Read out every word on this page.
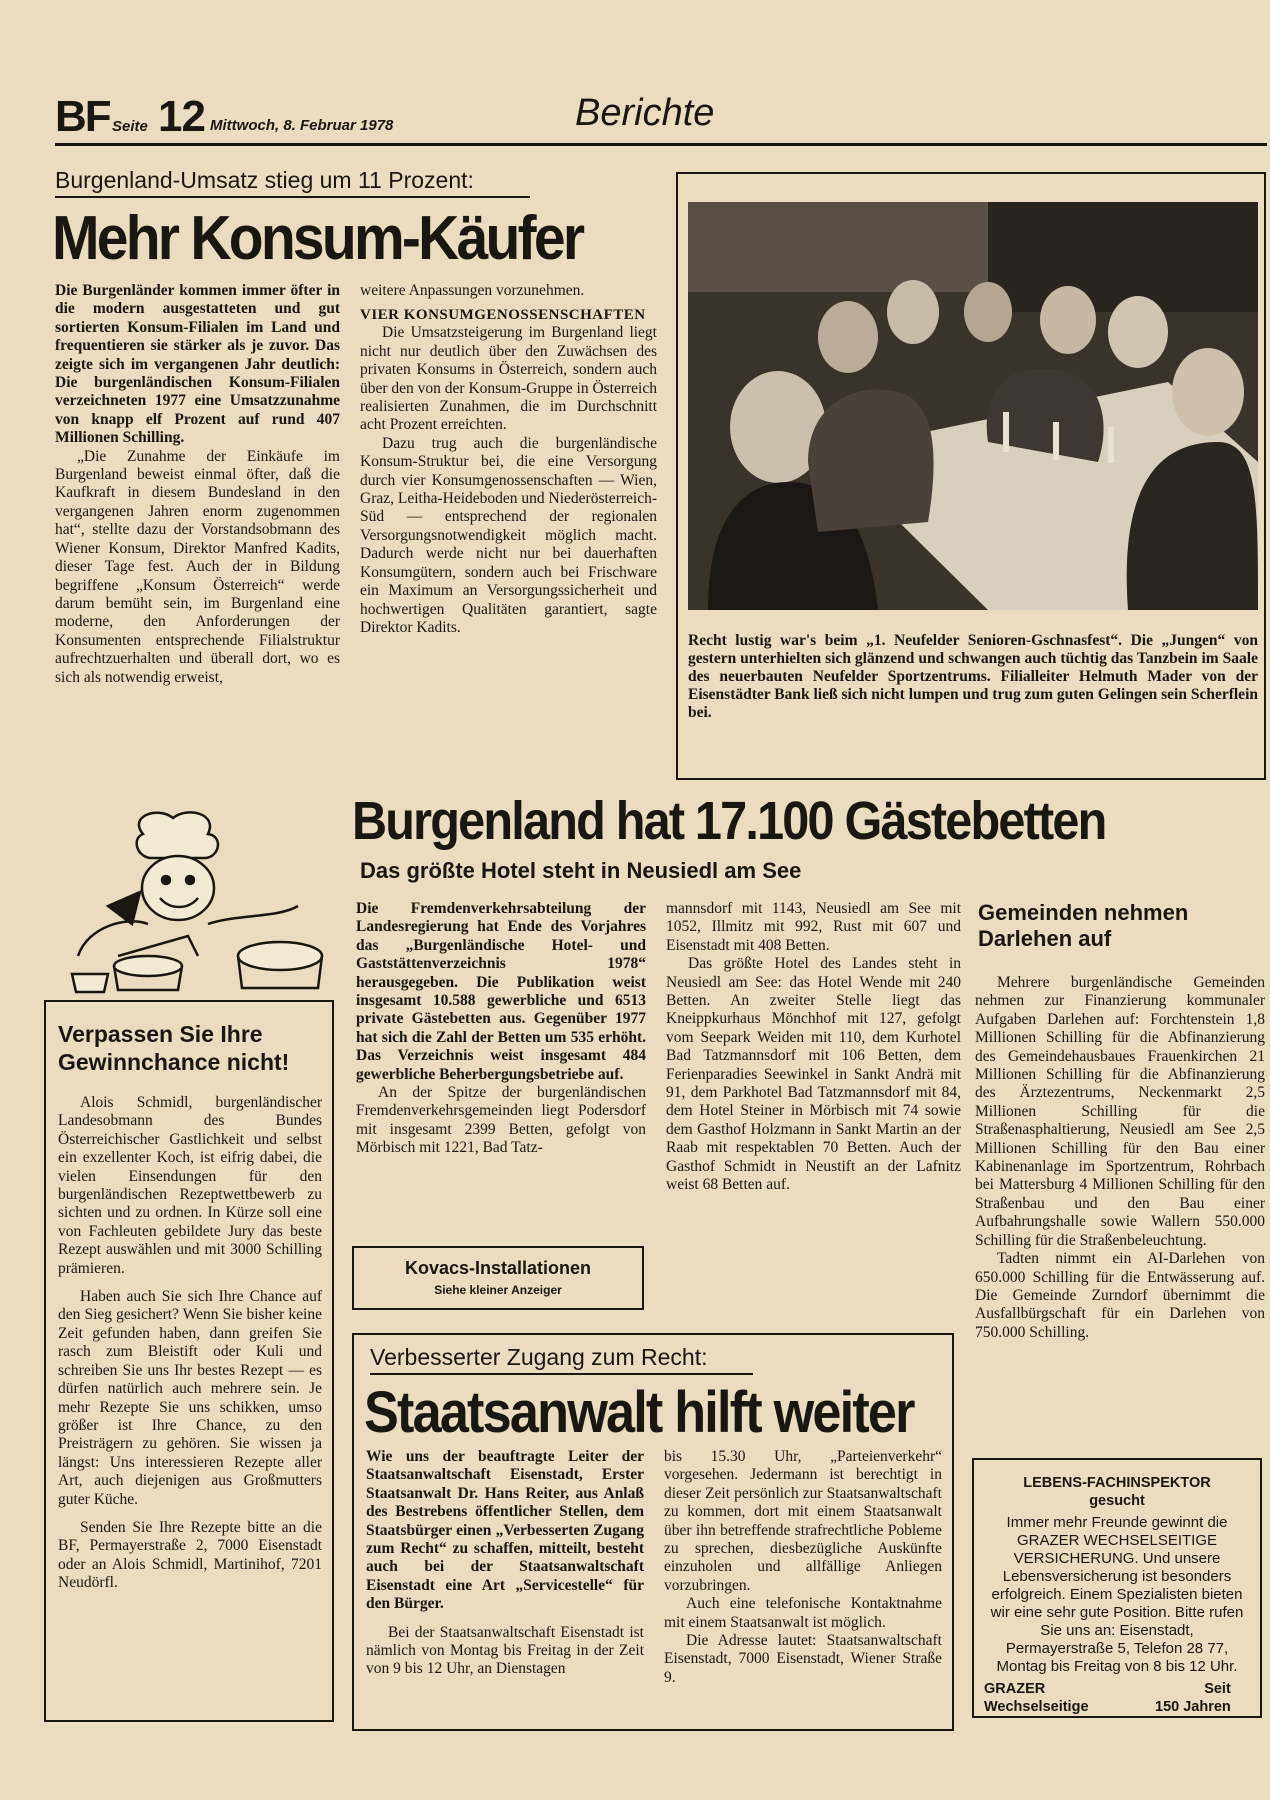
BF Seite 12 Mittwoch, 8. Februar 1978	Berichte
Burgenland-Umsatz stieg um 11 Prozent:
Mehr Konsum-Käufer

Die Burgenländer kommen immer öfter in die modern ausgestatteten und gut sortierten Konsum-Filialen im Land und frequentieren sie stärker als je zuvor. Das zeigte sich im vergangenen Jahr deutlich: Die burgenländischen Konsum-Filialen verzeichneten 1977 eine Umsatzzunahme von knapp elf Prozent auf rund 407 Millionen Schilling.

„Die Zunahme der Einkäufe im Burgenland beweist einmal öfter, daß die Kaufkraft in diesem Bundesland in den vergangenen Jahren enorm zugenommen hat“, stellte dazu der Vorstandsobmann des Wiener Konsum, Direktor Manfred Kadits, dieser Tage fest. Auch der in Bildung begriffene „Konsum Österreich“ werde darum bemüht sein, im Burgenland eine moderne, den Anforderungen der Konsumenten entsprechende Filialstruktur aufrechtzuerhalten und überall dort, wo es sich als notwendig erweist,

weitere Anpassungen vorzunehmen.

VIER KONSUMGENOSSENSCHAFTEN

Die Umsatzsteigerung im Burgenland liegt nicht nur deutlich über den Zuwächsen des privaten Konsums in Österreich, sondern auch über den von der Konsum-Gruppe in Österreich realisierten Zunahmen, die im Durchschnitt acht Prozent erreichten.

Dazu trug auch die burgenländische Konsum-Struktur bei, die eine Versorgung durch vier Konsumgenossenschaften — Wien, Graz, Leitha-Heideboden und Niederösterreich-Süd — entsprechend der regionalen Versorgungsnotwendigkeit möglich macht. Dadurch werde nicht nur bei dauerhaften Konsumgütern, sondern auch bei Frischware ein Maximum an Versorgungssicherheit und hochwertigen Qualitäten garantiert, sagte Direktor Kadits.

Recht lustig war's beim „1. Neufelder Senioren-Gschnasfest“. Die „Jungen“ von gestern unterhielten sich glänzend und schwangen auch tüchtig das Tanzbein im Saale des neuerbauten Neufelder Sportzentrums. Filialleiter Helmuth Mader von der Eisenstädter Bank ließ sich nicht lumpen und trug zum guten Gelingen sein Scherflein bei.
Burgenland hat 17.100 Gästebetten
Das größte Hotel steht in Neusiedl am See

Die Fremdenverkehrsabteilung der Landesregierung hat Ende des Vorjahres das „Burgenländische Hotel- und Gaststättenverzeichnis 1978“ herausgegeben. Die Publikation weist insgesamt 10.588 gewerbliche und 6513 private Gästebetten aus. Gegenüber 1977 hat sich die Zahl der Betten um 535 erhöht. Das Verzeichnis weist insgesamt 484 gewerbliche Beherbergungsbetriebe auf.

An der Spitze der burgenländischen Fremdenverkehrsgemeinden liegt Podersdorf mit insgesamt 2399 Betten, gefolgt von Mörbisch mit 1221, Bad Tatz-

mannsdorf mit 1143, Neusiedl am See mit 1052, Illmitz mit 992, Rust mit 607 und Eisenstadt mit 408 Betten.

Das größte Hotel des Landes steht in Neusiedl am See: das Hotel Wende mit 240 Betten. An zweiter Stelle liegt das Kneippkurhaus Mönchhof mit 127, gefolgt vom Seepark Weiden mit 110, dem Kurhotel Bad Tatzmannsdorf mit 106 Betten, dem Ferienparadies Seewinkel in Sankt Andrä mit 91, dem Parkhotel Bad Tatzmannsdorf mit 84, dem Hotel Steiner in Mörbisch mit 74 sowie dem Gasthof Holzmann in Sankt Martin an der Raab mit respektablen 70 Betten. Auch der Gasthof Schmidt in Neustift an der Lafnitz weist 68 Betten auf.

Kovacs-Installationen
Siehe kleiner Anzeiger
Verpassen Sie Ihre Gewinnchance nicht!

Alois Schmidl, burgenländischer Landesobmann des Bundes Österreichischer Gastlichkeit und selbst ein exzellenter Koch, ist eifrig dabei, die vielen Einsendungen für den burgenländischen Rezeptwettbewerb zu sichten und zu ordnen. In Kürze soll eine von Fachleuten gebildete Jury das beste Rezept auswählen und mit 3000 Schilling prämieren.

Haben auch Sie sich Ihre Chance auf den Sieg gesichert? Wenn Sie bisher keine Zeit gefunden haben, dann greifen Sie rasch zum Bleistift oder Kuli und schreiben Sie uns Ihr bestes Rezept — es dürfen natürlich auch mehrere sein. Je mehr Rezepte Sie uns schikken, umso größer ist Ihre Chance, zu den Preisträgern zu gehören. Sie wissen ja längst: Uns interessieren Rezepte aller Art, auch diejenigen aus Großmutters guter Küche.

Senden Sie Ihre Rezepte bitte an die BF, Permayerstraße 2, 7000 Eisenstadt oder an Alois Schmidl, Martinihof, 7201 Neudörfl.

Gemeinden nehmen Darlehen auf

Mehrere burgenländische Gemeinden nehmen zur Finanzierung kommunaler Aufgaben Darlehen auf: Forchtenstein 1,8 Millionen Schilling für die Abfinanzierung des Gemeindehausbaues Frauenkirchen 21 Millionen Schilling für die Abfinanzierung des Ärztezentrums, Neckenmarkt 2,5 Millionen Schilling für die Straßenasphaltierung, Neusiedl am See 2,5 Millionen Schilling für den Bau einer Kabinenanlage im Sportzentrum, Rohrbach bei Mattersburg 4 Millionen Schilling für den Straßenbau und den Bau einer Aufbahrungshalle sowie Wallern 550.000 Schilling für die Straßenbeleuchtung.

Tadten nimmt ein AI-Darlehen von 650.000 Schilling für die Entwässerung auf. Die Gemeinde Zurndorf übernimmt die Ausfallbürgschaft für ein Darlehen von 750.000 Schilling.

Verbesserter Zugang zum Recht:
Staatsanwalt hilft weiter

Wie uns der beauftragte Leiter der Staatsanwaltschaft Eisenstadt, Erster Staatsanwalt Dr. Hans Reiter, aus Anlaß des Bestrebens öffentlicher Stellen, dem Staatsbürger einen „Verbesserten Zugang zum Recht“ zu schaffen, mitteilt, besteht auch bei der Staatsanwaltschaft Eisenstadt eine Art „Servicestelle“ für den Bürger.

Bei der Staatsanwaltschaft Eisenstadt ist nämlich von Montag bis Freitag in der Zeit von 9 bis 12 Uhr, an Dienstagen

bis 15.30 Uhr, „Parteienverkehr“ vorgesehen. Jedermann ist berechtigt in dieser Zeit persönlich zur Staatsanwaltschaft zu kommen, dort mit einem Staatsanwalt über ihn betreffende strafrechtliche Pobleme zu sprechen, diesbezügliche Auskünfte einzuholen und allfällige Anliegen vorzubringen.

Auch eine telefonische Kontaktnahme mit einem Staatsanwalt ist möglich.

Die Adresse lautet: Staatsanwaltschaft Eisenstadt, 7000 Eisenstadt, Wiener Straße 9.

LEBENS-FACHINSPEKTOR
gesucht
Immer mehr Freunde gewinnt die GRAZER WECHSELSEITIGE VERSICHERUNG. Und unsere Lebensversicherung ist besonders erfolgreich. Einem Spezialisten bieten wir eine sehr gute Position. Bitte rufen Sie uns an: Eisenstadt, Permayerstraße 5, Telefon 28 77, Montag bis Freitag von 8 bis 12 Uhr.
GRAZER
Wechselseitige
Seit
150 Jahren
